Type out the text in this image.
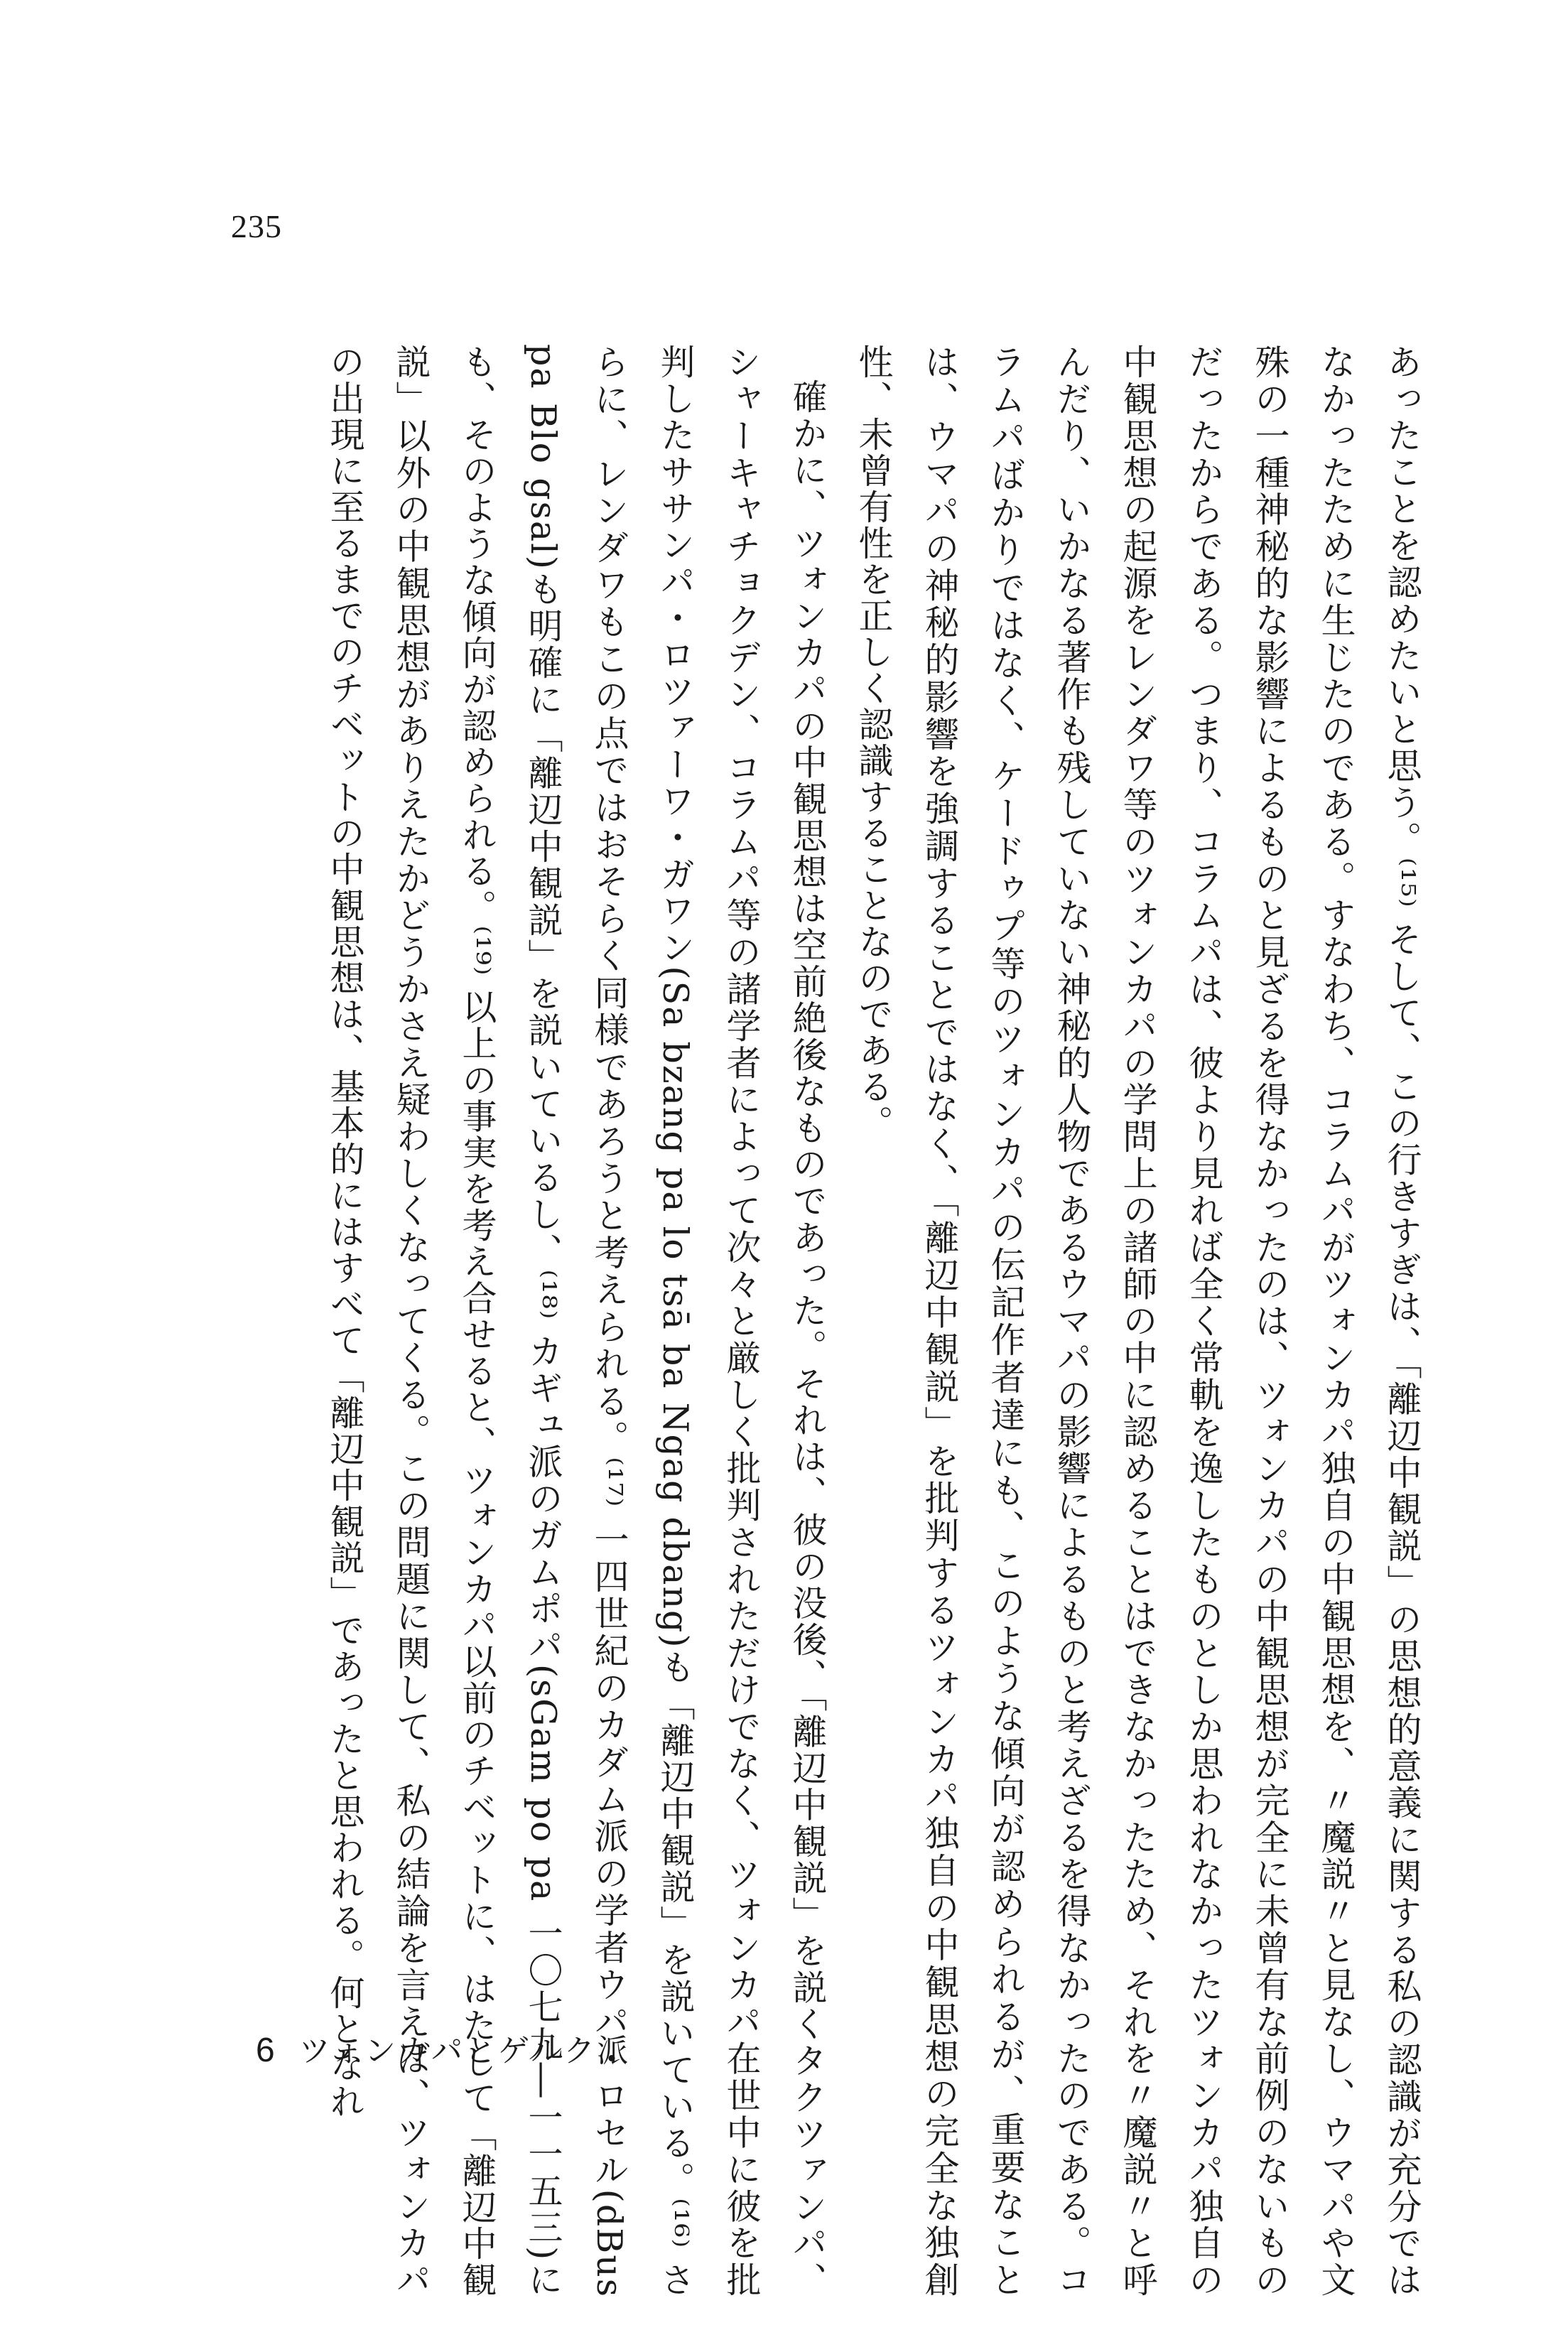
235

あったことを認めたいと思う。⁽¹⁵⁾ そして、この行きすぎは、「離辺中観説」の思想的意義に関する私の認識が充分ではなかったために生じたのである。すなわち、コラムパがツォンカパ独自の中観思想を、〃魔説〃と見なし、ウマパや文殊の一種神秘的な影響によるものと見ざるを得なかったのは、ツォンカパの中観思想が完全に未曾有な前例のないものだったからである。つまり、コラムパは、彼より見れば全く常軌を逸したものとしか思われなかったツォンカパ独自の中観思想の起源をレンダワ等のツォンカパの学問上の諸師の中に認めることはできなかったため、それを〃魔説〃と呼んだり、いかなる著作も残していない神秘的人物であるウマパの影響によるものと考えざるを得なかったのである。コラムパばかりではなく、ケードゥプ等のツォンカパの伝記作者達にも、このような傾向が認められるが、重要なことは、ウマパの神秘的影響を強調することではなく、「離辺中観説」を批判するツォンカパ独自の中観思想の完全な独創性、未曾有性を正しく認識することなのである。

確かに、ツォンカパの中観思想は空前絶後なものであった。それは、彼の没後、「離辺中観説」を説くタクツァンパ、シャーキャチョクデン、コラムパ等の諸学者によって次々と厳しく批判されただけでなく、ツォンカパ在世中に彼を批判したササンパ・ロツァーワ・ガワン(Sa bzang pa lo tsā ba Ngag dbang)も「離辺中観説」を説いている。⁽¹⁶⁾ さらに、レンダワもこの点ではおそらく同様であろうと考えられる。⁽¹⁷⁾ 一四世紀のカダム派の学者ウパ・ロセル(dBus pa Blo gsal)も明確に「離辺中観説」を説いているし、⁽¹⁸⁾ カギュ派のガムポパ(sGam po pa 一〇七九―一一五三)にも、そのような傾向が認められる。⁽¹⁹⁾ 以上の事実を考え合せると、ツォンカパ以前のチベットに、はたして「離辺中観説」以外の中観思想がありえたかどうかさえ疑わしくなってくる。この問題に関して、私の結論を言えば、ツォンカパの出現に至るまでのチベットの中観思想は、基本的にはすべて「離辺中観説」であったと思われる。何となれ

6 ツォンカパとゲルク派
